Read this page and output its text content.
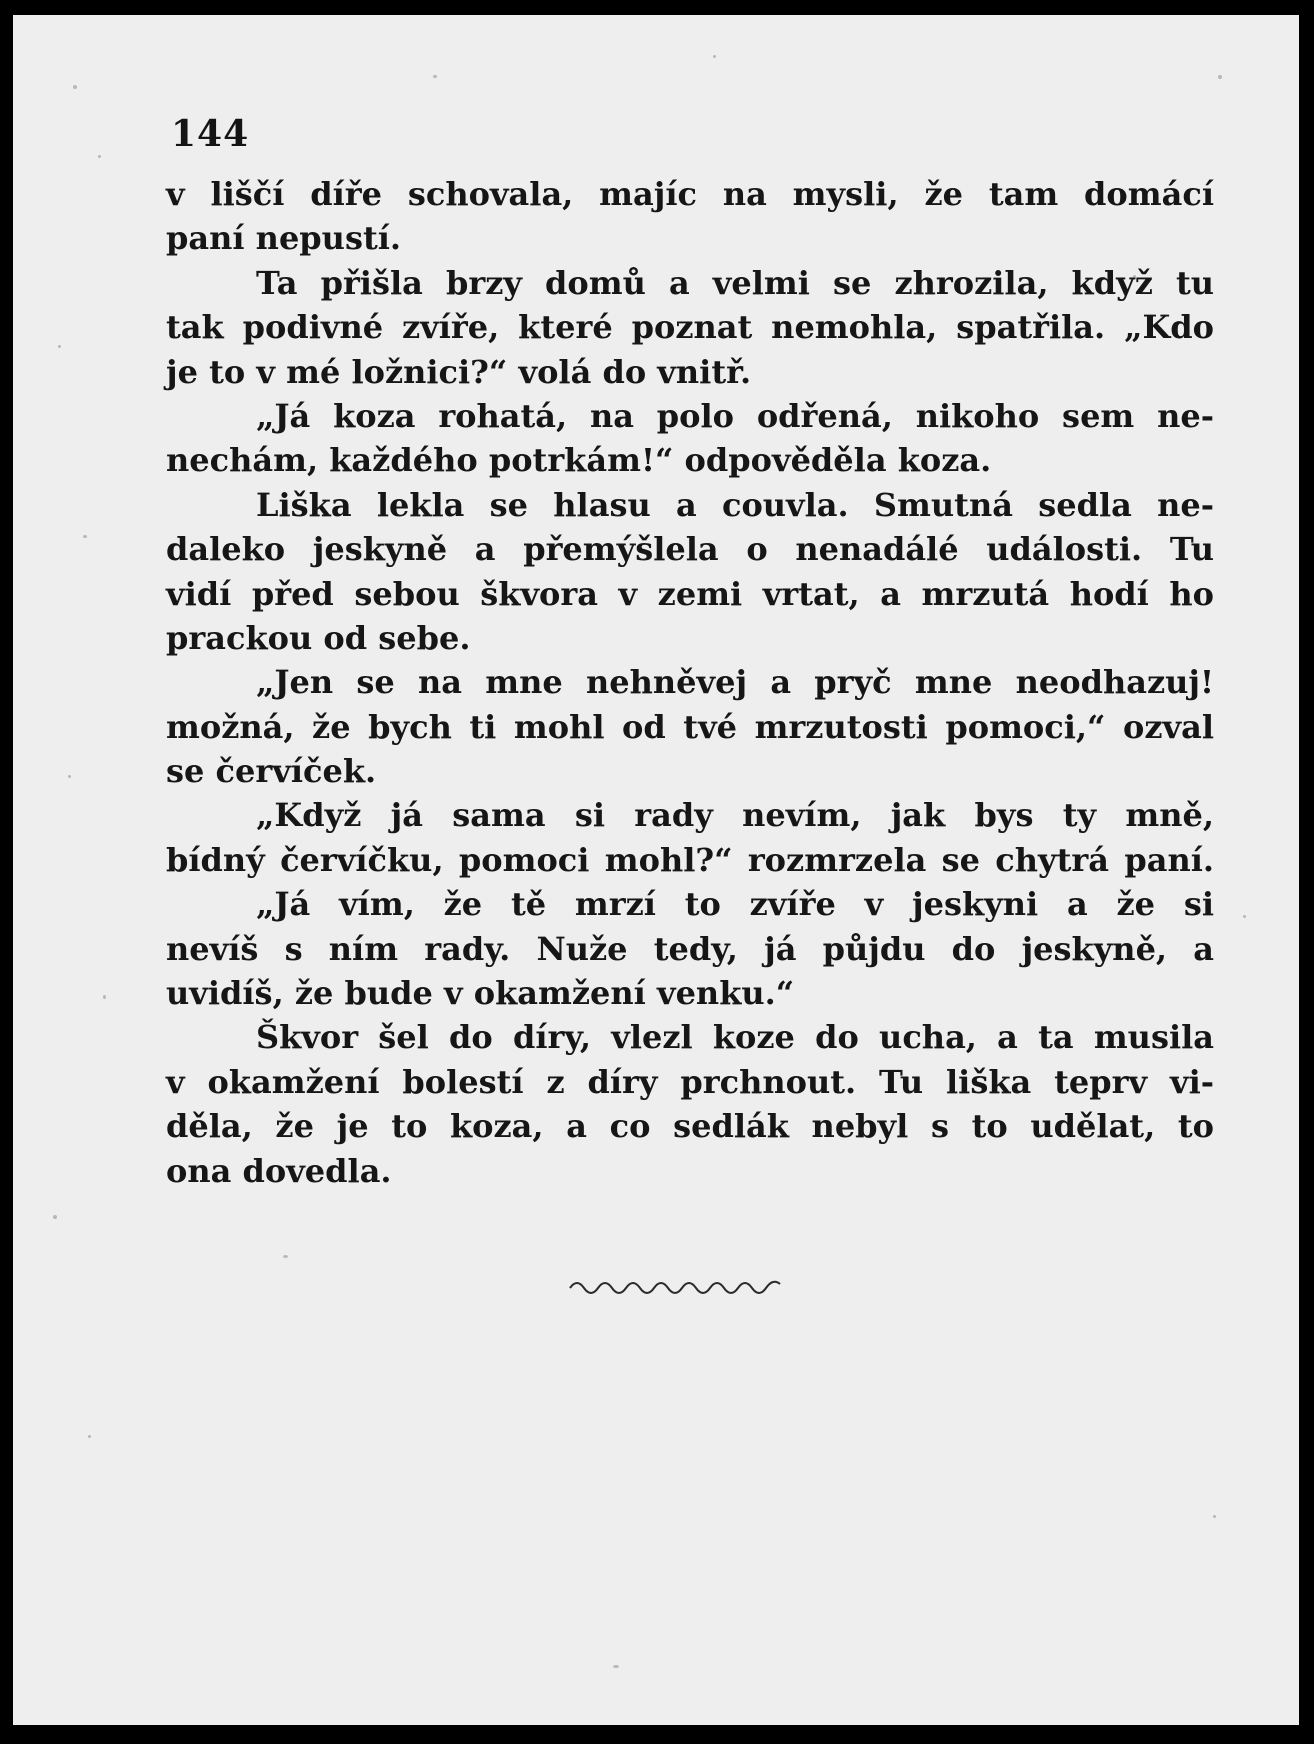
144
v liščí díře schovala, majíc na mysli, že tam domácí
paní nepustí.
Ta přišla brzy domů a velmi se zhrozila, když tu
tak podivné zvíře, které poznat nemohla, spatřila. „Kdo
je to v mé ložnici?“ volá do vnitř.
„Já koza rohatá, na polo odřená, nikoho sem ne-
nechám, každého potrkám!“ odpověděla koza.
Liška lekla se hlasu a couvla. Smutná sedla ne-
daleko jeskyně a přemýšlela o nenadálé události. Tu
vidí před sebou škvora v zemi vrtat, a mrzutá hodí ho
prackou od sebe.
„Jen se na mne nehněvej a pryč mne neodhazuj!
možná, že bych ti mohl od tvé mrzutosti pomoci,“ ozval
se červíček.
„Když já sama si rady nevím, jak bys ty mně,
bídný červíčku, pomoci mohl?“ rozmrzela se chytrá paní.
„Já vím, že tě mrzí to zvíře v jeskyni a že si
nevíš s ním rady. Nuže tedy, já půjdu do jeskyně, a
uvidíš, že bude v okamžení venku.“
Škvor šel do díry, vlezl koze do ucha, a ta musila
v okamžení bolestí z díry prchnout. Tu liška teprv vi-
děla, že je to koza, a co sedlák nebyl s to udělat, to
ona dovedla.
